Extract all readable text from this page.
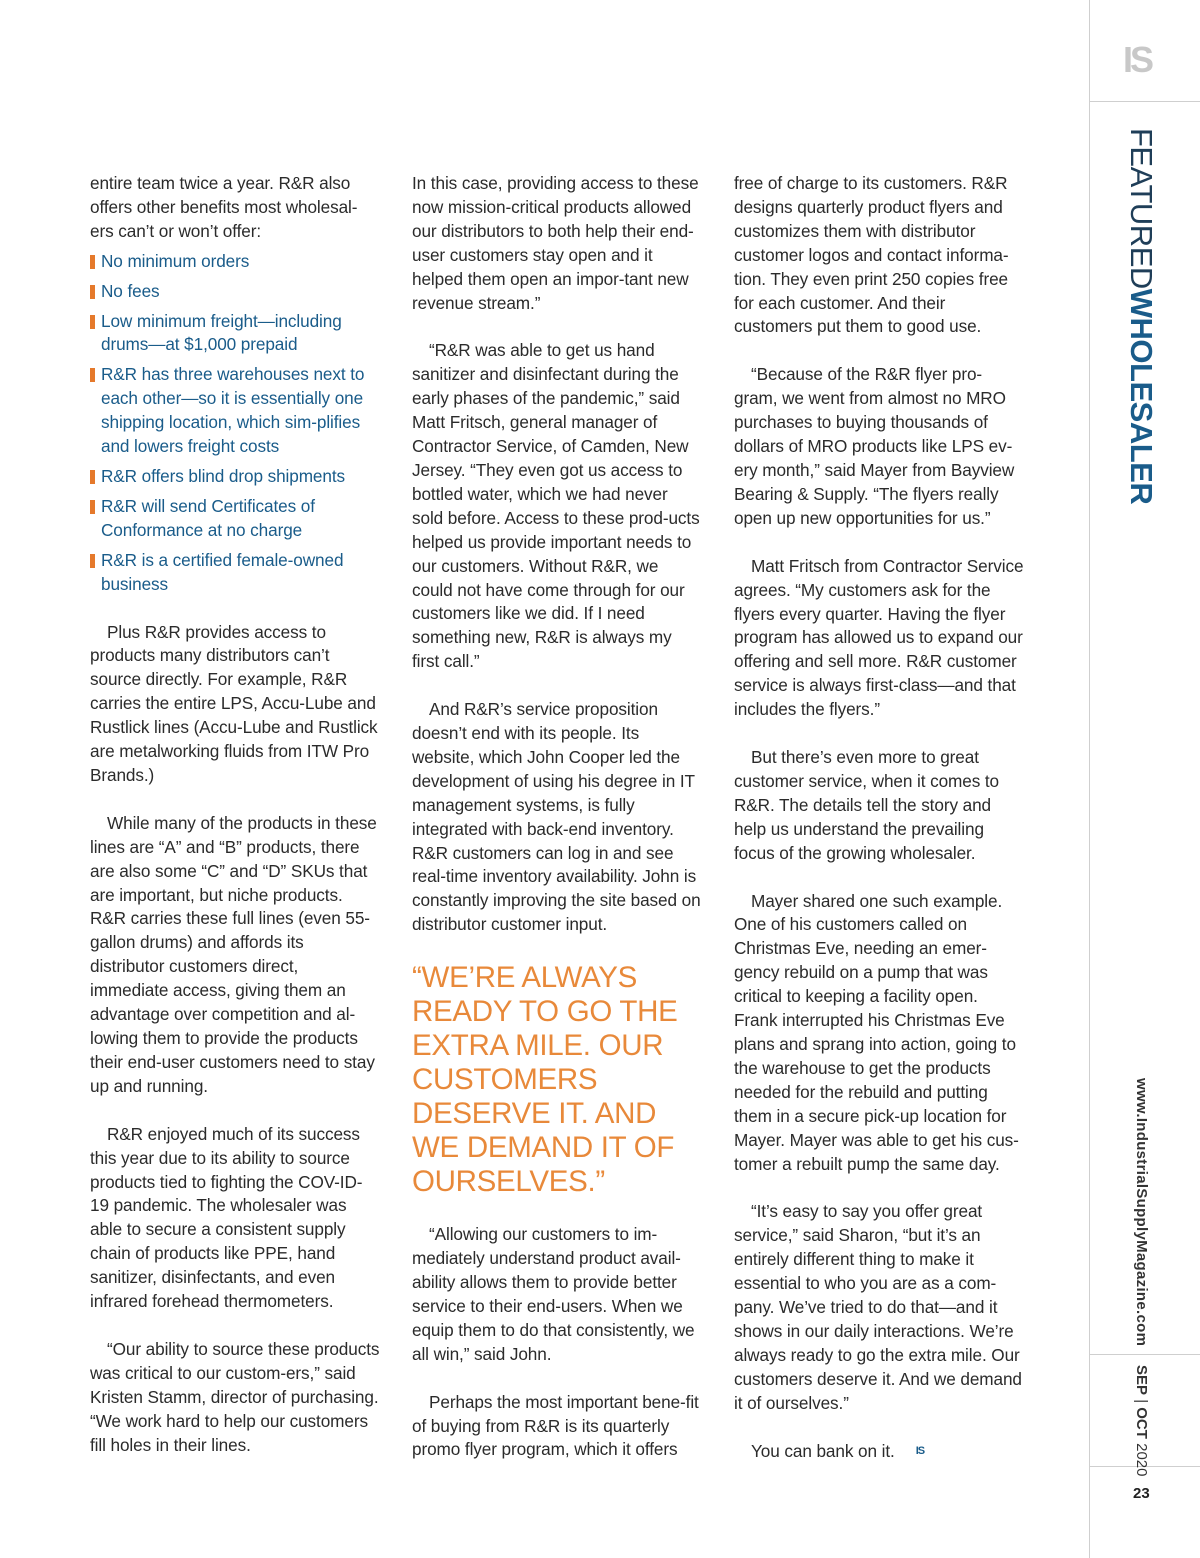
entire team twice a year. R&R also offers other benefits most wholesal-ers can’t or won’t offer:

No minimum orders
No fees
Low minimum freight—including drums—at $1,000 prepaid
R&R has three warehouses next to each other—so it is essentially one shipping location, which sim-plifies and lowers freight costs
R&R offers blind drop shipments
R&R will send Certificates of Conformance at no charge
R&R is a certified female-owned business

Plus R&R provides access to products many distributors can’t source directly. For example, R&R carries the entire LPS, Accu-Lube and Rustlick lines (Accu-Lube and Rustlick are metalworking fluids from ITW Pro Brands.)

While many of the products in these lines are “A” and “B” products, there are also some “C” and “D” SKUs that are important, but niche products. R&R carries these full lines (even 55-gallon drums) and affords its distributor customers direct, immediate access, giving them an advantage over competition and al-lowing them to provide the products their end-user customers need to stay up and running.

R&R enjoyed much of its success this year due to its ability to source products tied to fighting the COV-ID-19 pandemic. The wholesaler was able to secure a consistent supply chain of products like PPE, hand sanitizer, disinfectants, and even infrared forehead thermometers.

“Our ability to source these products was critical to our custom-ers,” said Kristen Stamm, director of purchasing. “We work hard to help our customers fill holes in their lines.

In this case, providing access to these now mission-critical products allowed our distributors to both help their end-user customers stay open and it helped them open an impor-tant new revenue stream.”

“R&R was able to get us hand sanitizer and disinfectant during the early phases of the pandemic,” said Matt Fritsch, general manager of Contractor Service, of Camden, New Jersey. “They even got us access to bottled water, which we had never sold before. Access to these prod-ucts helped us provide important needs to our customers. Without R&R, we could not have come through for our customers like we did. If I need something new, R&R is always my first call.”

And R&R’s service proposition doesn’t end with its people. Its website, which John Cooper led the development of using his degree in IT management systems, is fully integrated with back-end inventory. R&R customers can log in and see real-time inventory availability. John is constantly improving the site based on distributor customer input.

“WE’RE ALWAYS READY TO GO THE EXTRA MILE. OUR CUSTOMERS DESERVE IT. AND WE DEMAND IT OF OURSELVES.”

“Allowing our customers to im-mediately understand product avail-ability allows them to provide better service to their end-users. When we equip them to do that consistently, we all win,” said John.

Perhaps the most important bene-fit of buying from R&R is its quarterly promo flyer program, which it offers

free of charge to its customers. R&R designs quarterly product flyers and customizes them with distributor customer logos and contact informa-tion. They even print 250 copies free for each customer. And their customers put them to good use.

“Because of the R&R flyer pro-gram, we went from almost no MRO purchases to buying thousands of dollars of MRO products like LPS ev-ery month,” said Mayer from Bayview Bearing & Supply. “The flyers really open up new opportunities for us.”

Matt Fritsch from Contractor Service agrees. “My customers ask for the flyers every quarter. Having the flyer program has allowed us to expand our offering and sell more. R&R customer service is always first-class—and that includes the flyers.”

But there’s even more to great customer service, when it comes to R&R. The details tell the story and help us understand the prevailing focus of the growing wholesaler.

Mayer shared one such example. One of his customers called on Christmas Eve, needing an emer-gency rebuild on a pump that was critical to keeping a facility open. Frank interrupted his Christmas Eve plans and sprang into action, going to the warehouse to get the products needed for the rebuild and putting them in a secure pick-up location for Mayer. Mayer was able to get his cus-tomer a rebuilt pump the same day.

“It’s easy to say you offer great service,” said Sharon, “but it’s an entirely different thing to make it essential to who you are as a com-pany. We’ve tried to do that—and it shows in our daily interactions. We’re always ready to go the extra mile. Our customers deserve it. And we demand it of ourselves.”

You can bank on it. IS

IS
FEATUREDWHOLESALER
www.IndustrialSupplyMagazine.com
SEP | OCT 2020
23
